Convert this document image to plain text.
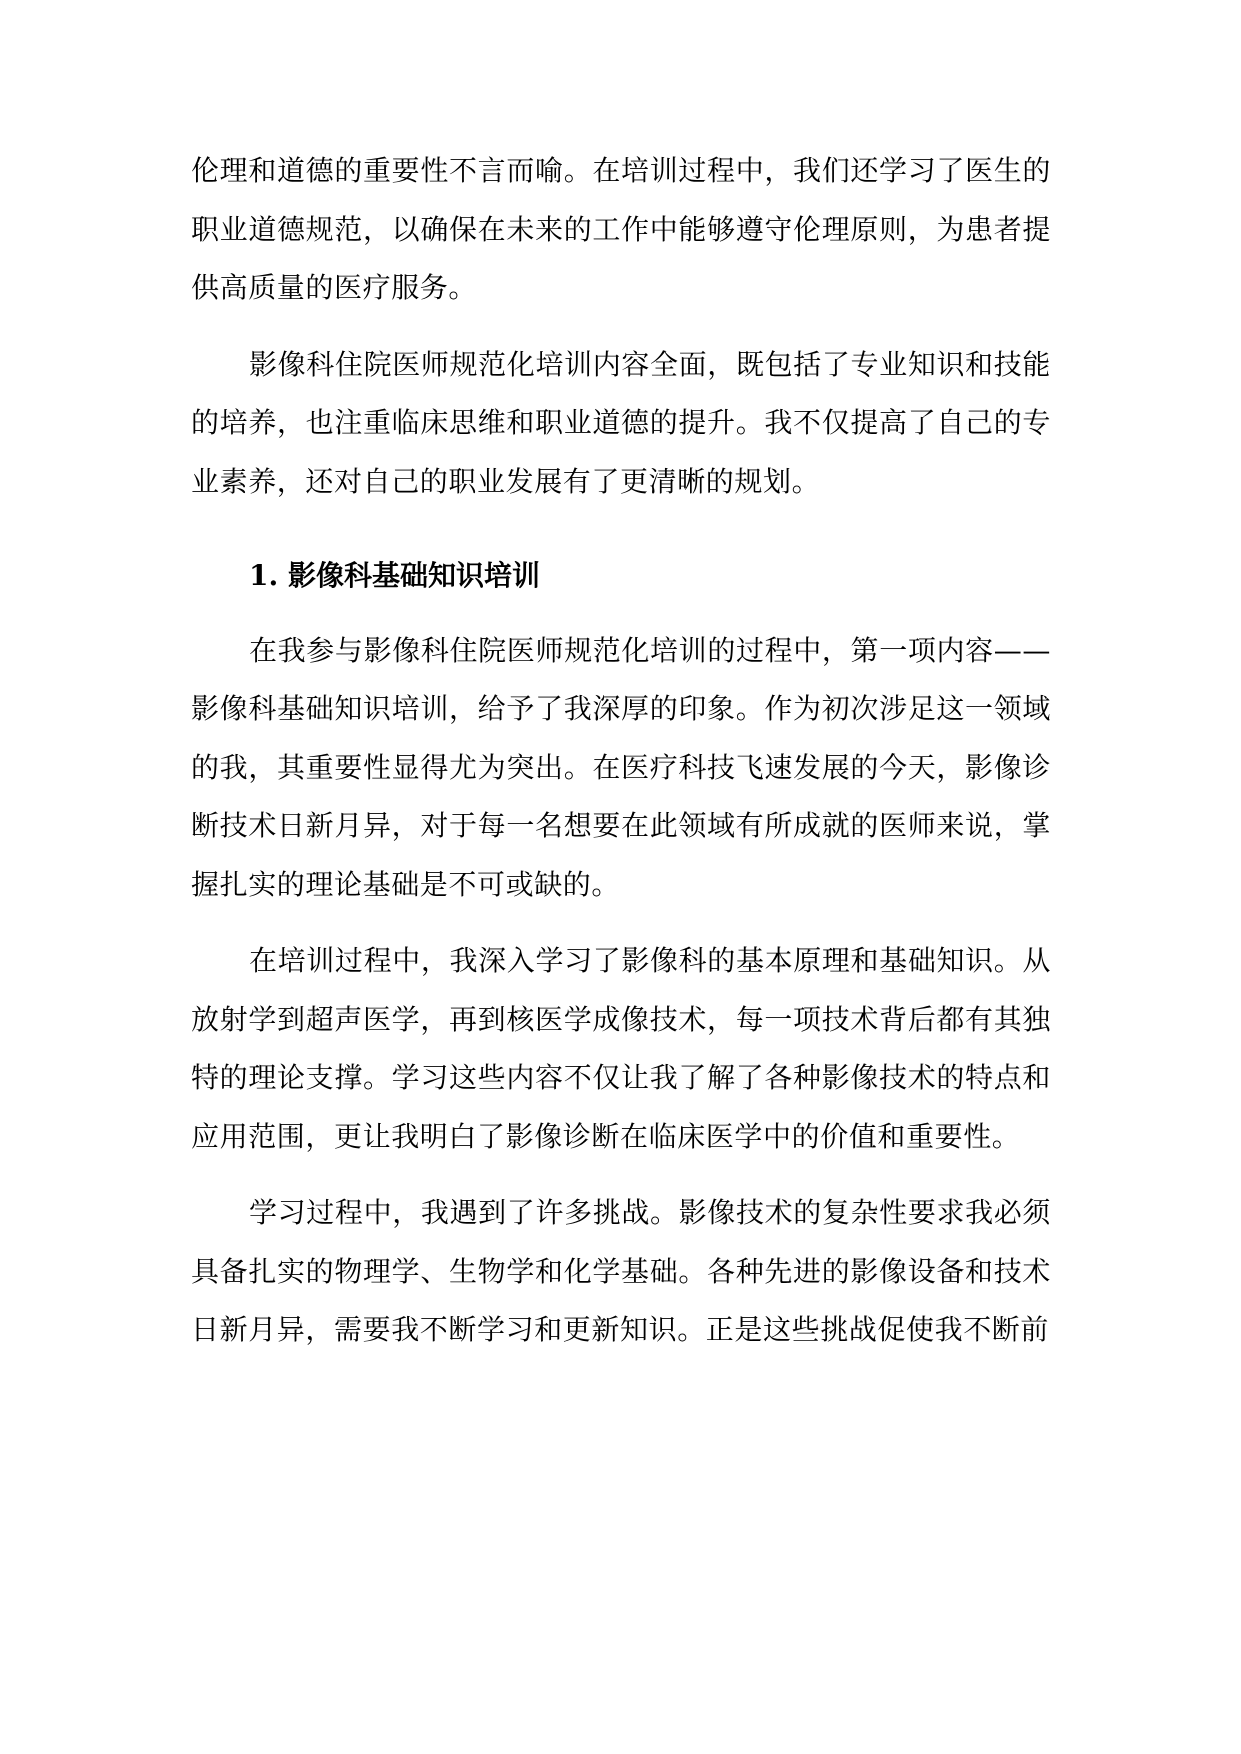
伦理和道德的重要性不言而喻。在培训过程中，我们还学习了医生的职业道德规范，以确保在未来的工作中能够遵守伦理原则，为患者提供高质量的医疗服务。

影像科住院医师规范化培训内容全面，既包括了专业知识和技能的培养，也注重临床思维和职业道德的提升。我不仅提高了自己的专业素养，还对自己的职业发展有了更清晰的规划。

1. 影像科基础知识培训

在我参与影像科住院医师规范化培训的过程中，第一项内容——影像科基础知识培训，给予了我深厚的印象。作为初次涉足这一领域的我，其重要性显得尤为突出。在医疗科技飞速发展的今天，影像诊断技术日新月异，对于每一名想要在此领域有所成就的医师来说，掌握扎实的理论基础是不可或缺的。

在培训过程中，我深入学习了影像科的基本原理和基础知识。从放射学到超声医学，再到核医学成像技术，每一项技术背后都有其独特的理论支撑。学习这些内容不仅让我了解了各种影像技术的特点和应用范围，更让我明白了影像诊断在临床医学中的价值和重要性。

学习过程中，我遇到了许多挑战。影像技术的复杂性要求我必须具备扎实的物理学、生物学和化学基础。各种先进的影像设备和技术日新月异，需要我不断学习和更新知识。正是这些挑战促使我不断前
